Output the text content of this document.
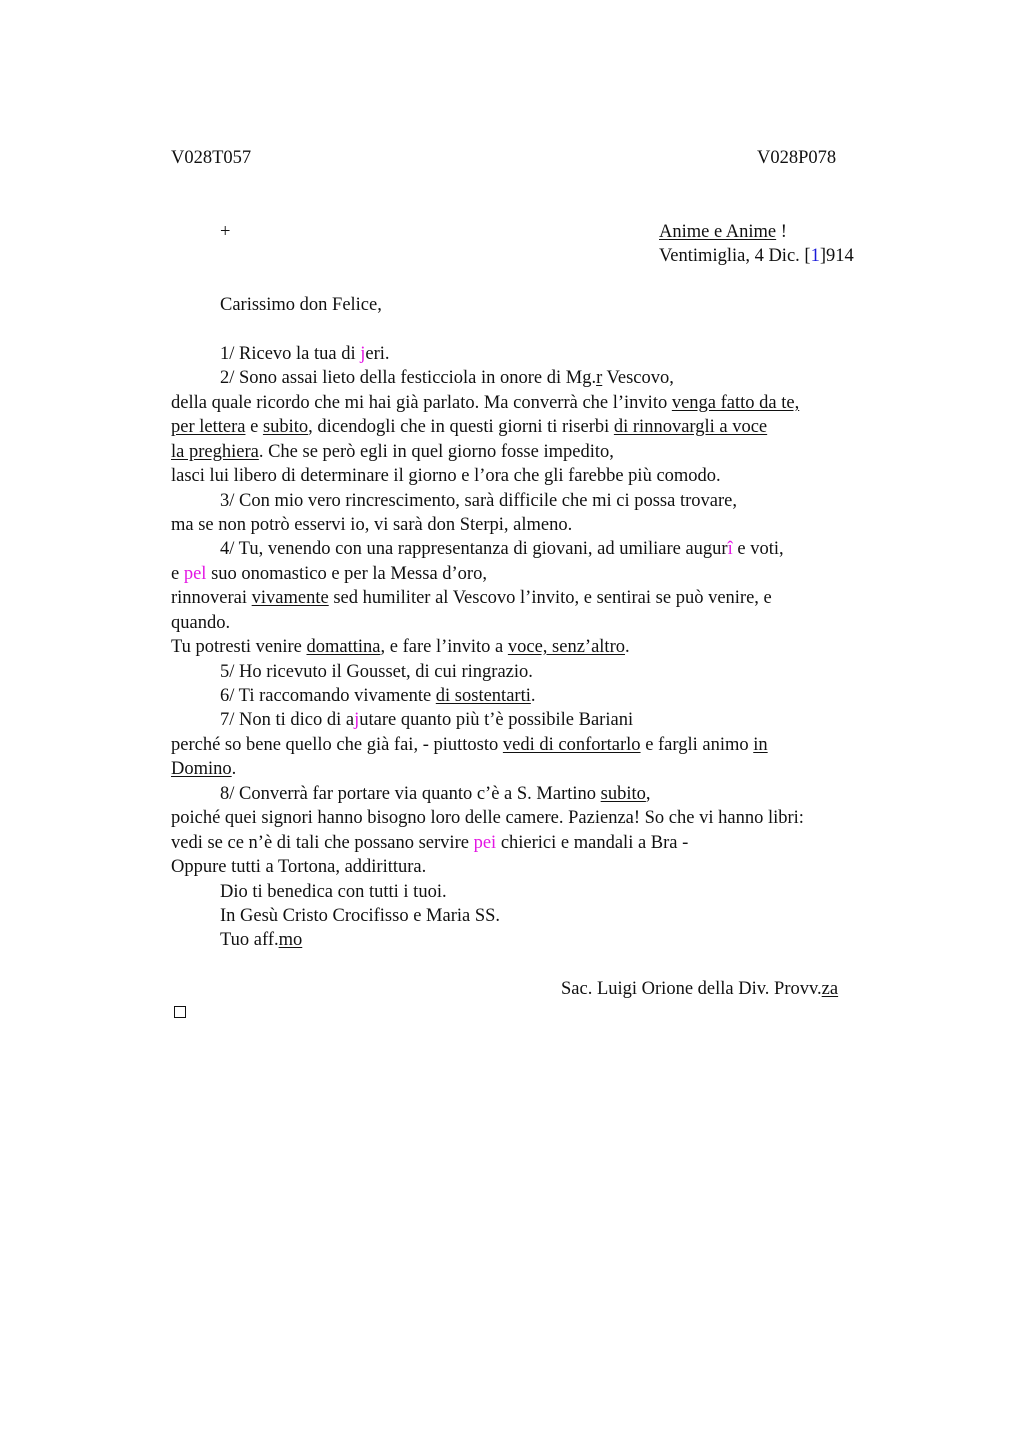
V028T057	V028P078
+	Anime e Anime !
Ventimiglia, 4 Dic. [1]914
Carissimo don Felice,
1/ Ricevo la tua di jeri.
2/ Sono assai lieto della festicciola in onore di Mg.r Vescovo,
della quale ricordo che mi hai già parlato. Ma converrà che l’invito venga fatto da te,
per lettera e subito, dicendogli che in questi giorni ti riserbi di rinnovargli a voce
la preghiera. Che se però egli in quel giorno fosse impedito,
lasci lui libero di determinare il giorno e l’ora che gli farebbe più comodo.
3/ Con mio vero rincrescimento, sarà difficile che mi ci possa trovare,
ma se non potrò esservi io, vi sarà don Sterpi, almeno.
4/ Tu, venendo con una rappresentanza di giovani, ad umiliare augurî e voti,
e pel suo onomastico e per la Messa d’oro,
rinnoverai vivamente sed humiliter al Vescovo l’invito, e sentirai se può venire, e
quando.
Tu potresti venire domattina, e fare l’invito a voce, senz’altro.
5/ Ho ricevuto il Gousset, di cui ringrazio.
6/ Ti raccomando vivamente di sostentarti.
7/ Non ti dico di ajutare quanto più t’è possibile Bariani
perché so bene quello che già fai, - piuttosto vedi di confortarlo e fargli animo in
Domino.
8/ Converrà far portare via quanto c’è a S. Martino subito,
poiché quei signori hanno bisogno loro delle camere. Pazienza! So che vi hanno libri:
vedi se ce n’è di tali che possano servire pei chierici e mandali a Bra -
Oppure tutti a Tortona, addirittura.
Dio ti benedica con tutti i tuoi.
In Gesù Cristo Crocifisso e Maria SS.
Tuo aff.mo
Sac. Luigi Orione della Div. Provv.za
